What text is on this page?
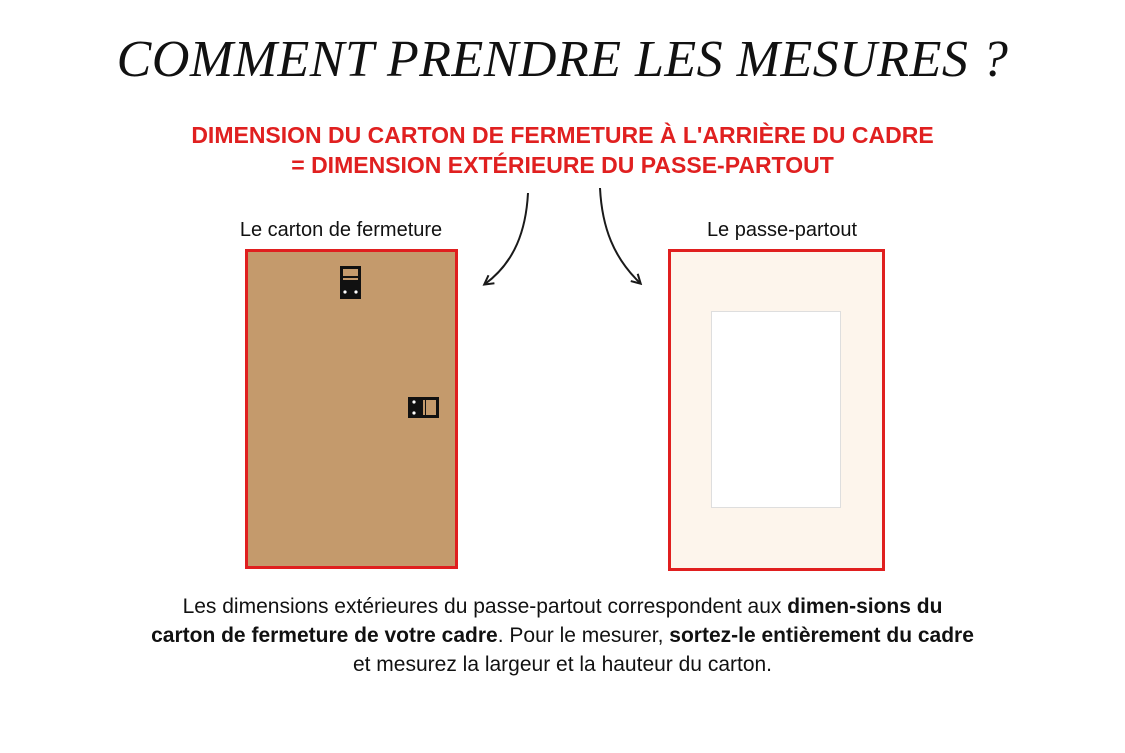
COMMENT PRENDRE LES MESURES ?

DIMENSION DU CARTON DE FERMETURE À L'ARRIÈRE DU CADRE
= DIMENSION EXTÉRIEURE DU PASSE-PARTOUT

Le carton de fermeture	Le passe-partout

Les dimensions extérieures du passe-partout correspondent aux dimen-sions du carton de fermeture de votre cadre. Pour le mesurer, sortez-le entièrement du cadre et mesurez la largeur et la hauteur du carton.
